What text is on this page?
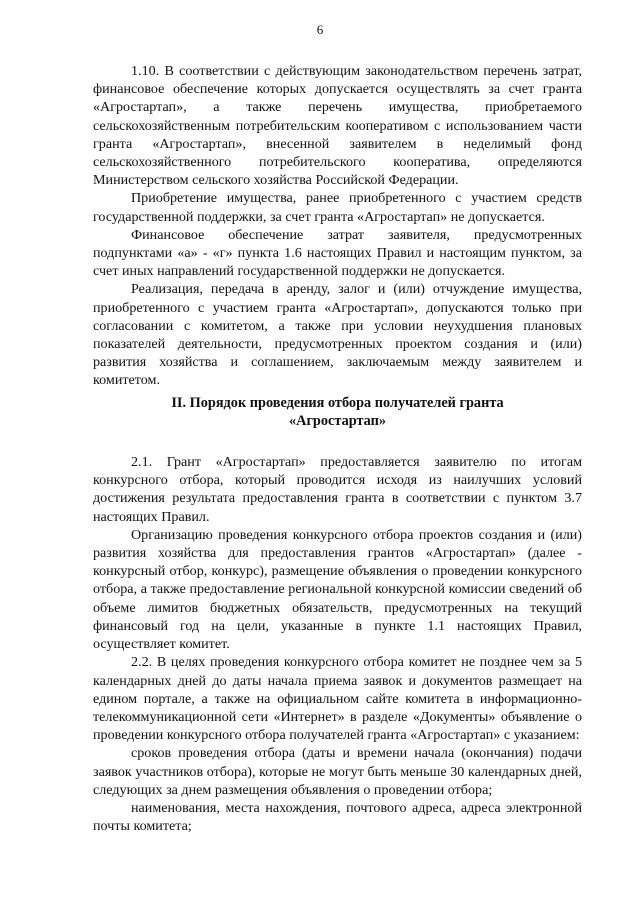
6

1.10. В соответствии с действующим законодательством перечень затрат, финансовое обеспечение которых допускается осуществлять за счет гранта «Агростартап», а также перечень имущества, приобретаемого сельскохозяйственным потребительским кооперативом с использованием части гранта «Агростартап», внесенной заявителем в неделимый фонд сельскохозяйственного потребительского кооператива, определяются Министерством сельского хозяйства Российской Федерации.

Приобретение имущества, ранее приобретенного с участием средств государственной поддержки, за счет гранта «Агростартап» не допускается.

Финансовое обеспечение затрат заявителя, предусмотренных подпунктами «а» - «г» пункта 1.6 настоящих Правил и настоящим пунктом, за счет иных направлений государственной поддержки не допускается.

Реализация, передача в аренду, залог и (или) отчуждение имущества, приобретенного с участием гранта «Агростартап», допускаются только при согласовании с комитетом, а также при условии неухудшения плановых показателей деятельности, предусмотренных проектом создания и (или) развития хозяйства и соглашением, заключаемым между заявителем и комитетом.

II. Порядок проведения отбора получателей гранта
«Агростартап»

2.1. Грант «Агростартап» предоставляется заявителю по итогам конкурсного отбора, который проводится исходя из наилучших условий достижения результата предоставления гранта в соответствии с пунктом 3.7 настоящих Правил.

Организацию проведения конкурсного отбора проектов создания и (или) развития хозяйства для предоставления грантов «Агростартап» (далее - конкурсный отбор, конкурс), размещение объявления о проведении конкурсного отбора, а также предоставление региональной конкурсной комиссии сведений об объеме лимитов бюджетных обязательств, предусмотренных на текущий финансовый год на цели, указанные в пункте 1.1 настоящих Правил, осуществляет комитет.

2.2. В целях проведения конкурсного отбора комитет не позднее чем за 5 календарных дней до даты начала приема заявок и документов размещает на едином портале, а также на официальном сайте комитета в информационно-телекоммуникационной сети «Интернет» в разделе «Документы» объявление о проведении конкурсного отбора получателей гранта «Агростартап» с указанием:

сроков проведения отбора (даты и времени начала (окончания) подачи заявок участников отбора), которые не могут быть меньше 30 календарных дней, следующих за днем размещения объявления о проведении отбора;

наименования, места нахождения, почтового адреса, адреса электронной почты комитета;
